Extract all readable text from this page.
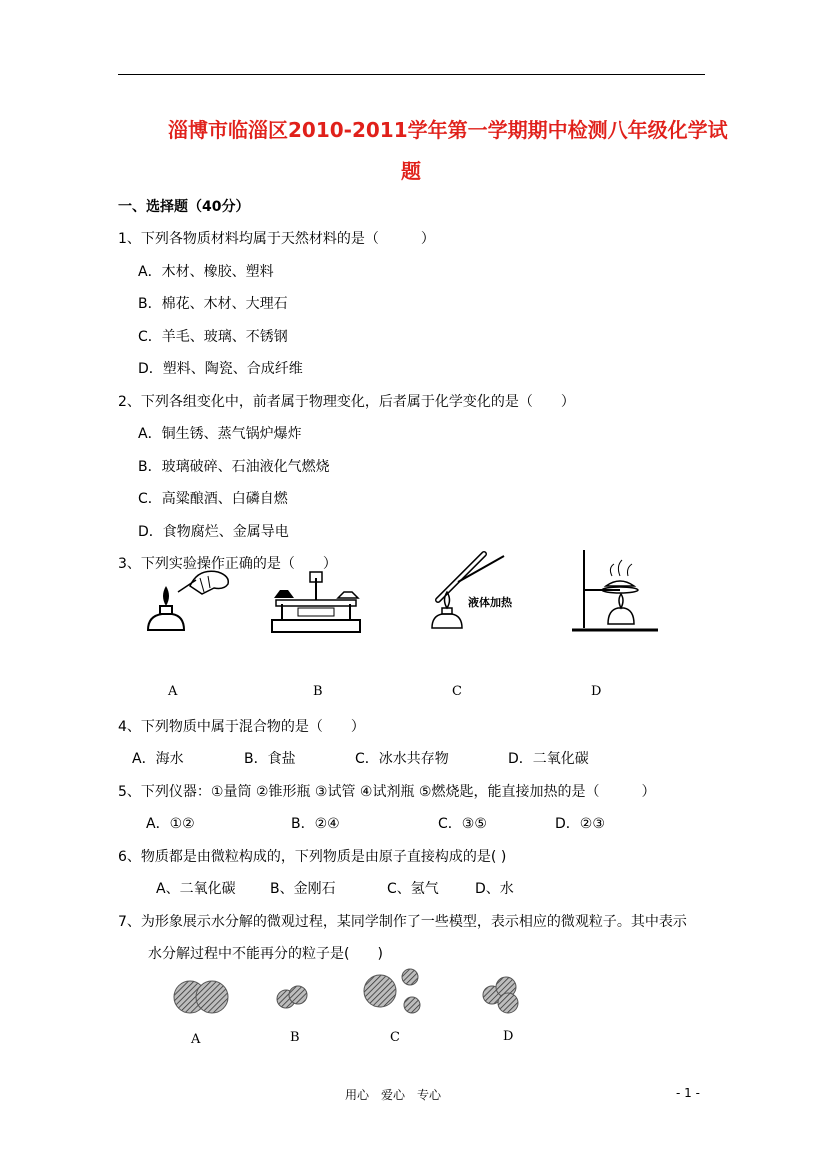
淄博市临淄区2010-2011学年第一学期期中检测八年级化学试
题
一、选择题（40分）
1、下列各物质材料均属于天然材料的是（　　　）
A．木材、橡胶、塑料
B．棉花、木材、大理石
C．羊毛、玻璃、不锈钢
D．塑料、陶瓷、合成纤维
2、下列各组变化中，前者属于物理变化，后者属于化学变化的是（　　）
A．铜生锈、蒸气锅炉爆炸
B．玻璃破碎、石油液化气燃烧
C．高粱酿酒、白磷自燃
D．食物腐烂、金属导电
3、下列实验操作正确的是（　　）
液体加热
A	B	C	D
4、下列物质中属于混合物的是（　　）
A．海水	B．食盐	C．冰水共存物	D．二氧化碳
5、下列仪器：①量筒 ②锥形瓶 ③试管 ④试剂瓶 ⑤燃烧匙，能直接加热的是（　　　）
A．①②	B．②④	C．③⑤	D．②③
6、物质都是由微粒构成的，下列物质是由原子直接构成的是( )
A、二氧化碳 B、金刚石	C、氢气	D、水
7、为形象展示水分解的微观过程，某同学制作了一些模型，表示相应的微观粒子。其中表示
水分解过程中不能再分的粒子是(　　)
A	B	C	D
用心　爱心　专心	- 1 -
